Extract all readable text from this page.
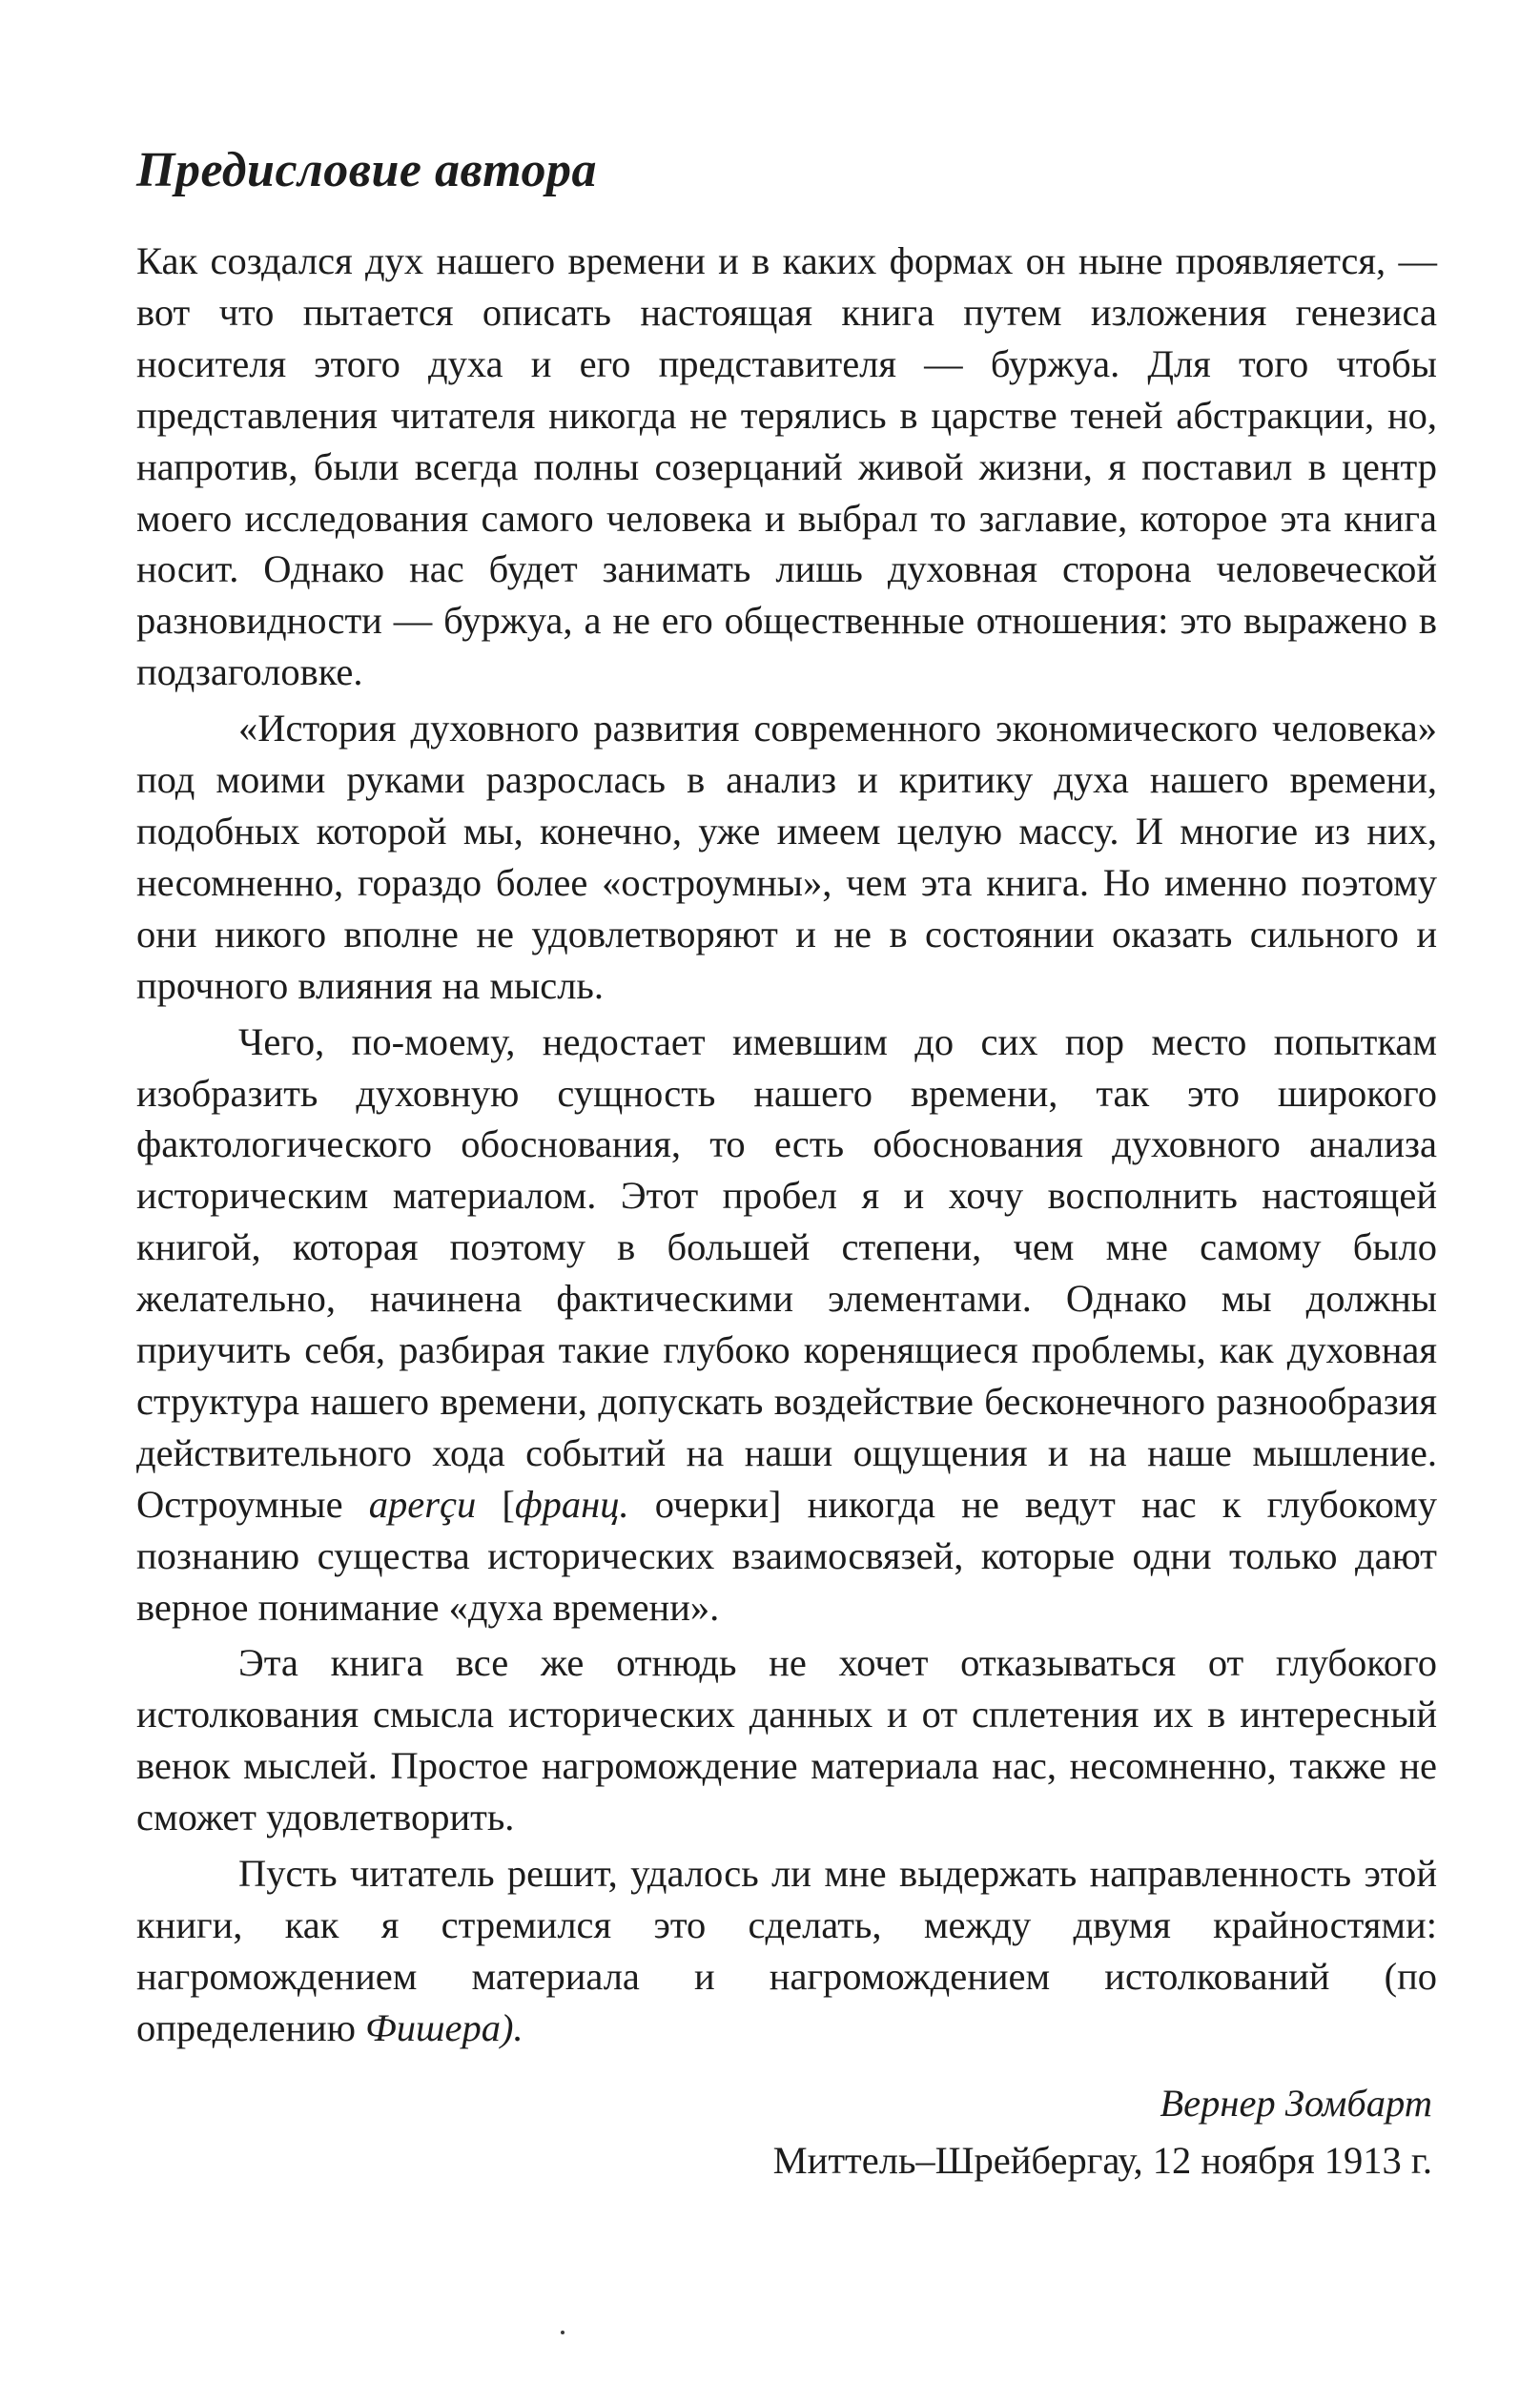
Предисловие автора

Как создался дух нашего времени и в каких формах он ныне проявляется, — вот что пытается описать настоящая книга путем изложения генезиса носителя этого духа и его представителя — буржуа. Для того чтобы представления читателя никогда не терялись в царстве теней абстракции, но, напротив, были всегда полны созерцаний живой жизни, я поставил в центр моего исследования самого человека и выбрал то заглавие, которое эта книга носит. Однако нас будет занимать лишь духовная сторона человеческой разновидности — буржуа, а не его общественные отношения: это выражено в подзаголовке.

«История духовного развития современного экономического человека» под моими руками разрослась в анализ и критику духа нашего времени, подобных которой мы, конечно, уже имеем целую массу. И многие из них, несомненно, гораздо более «остроумны», чем эта книга. Но именно поэтому они никого вполне не удовлетворяют и не в состоянии оказать сильного и прочного влияния на мысль.

Чего, по-моему, недостает имевшим до сих пор место попыткам изобразить духовную сущность нашего времени, так это широкого фактологического обоснования, то есть обоснования духовного анализа историческим материалом. Этот пробел я и хочу восполнить настоящей книгой, которая поэтому в большей степени, чем мне самому было желательно, начинена фактическими элементами. Однако мы должны приучить себя, разбирая такие глубоко коренящиеся проблемы, как духовная структура нашего времени, допускать воздействие бесконечного разнообразия действительного хода событий на наши ощущения и на наше мышление. Остроумные aperçu [франц. очерки] никогда не ведут нас к глубокому познанию существа исторических взаимосвязей, которые одни только дают верное понимание «духа времени».

Эта книга все же отнюдь не хочет отказываться от глубокого истолкования смысла исторических данных и от сплетения их в интересный венок мыслей. Простое нагромождение материала нас, несомненно, также не сможет удовлетворить.

Пусть читатель решит, удалось ли мне выдержать направленность этой книги, как я стремился это сделать, между двумя крайностями: нагромождением материала и нагромождением истолкований (по определению Фишера).

Вернер Зомбарт
Миттель–Шрейбергау, 12 ноября 1913 г.
